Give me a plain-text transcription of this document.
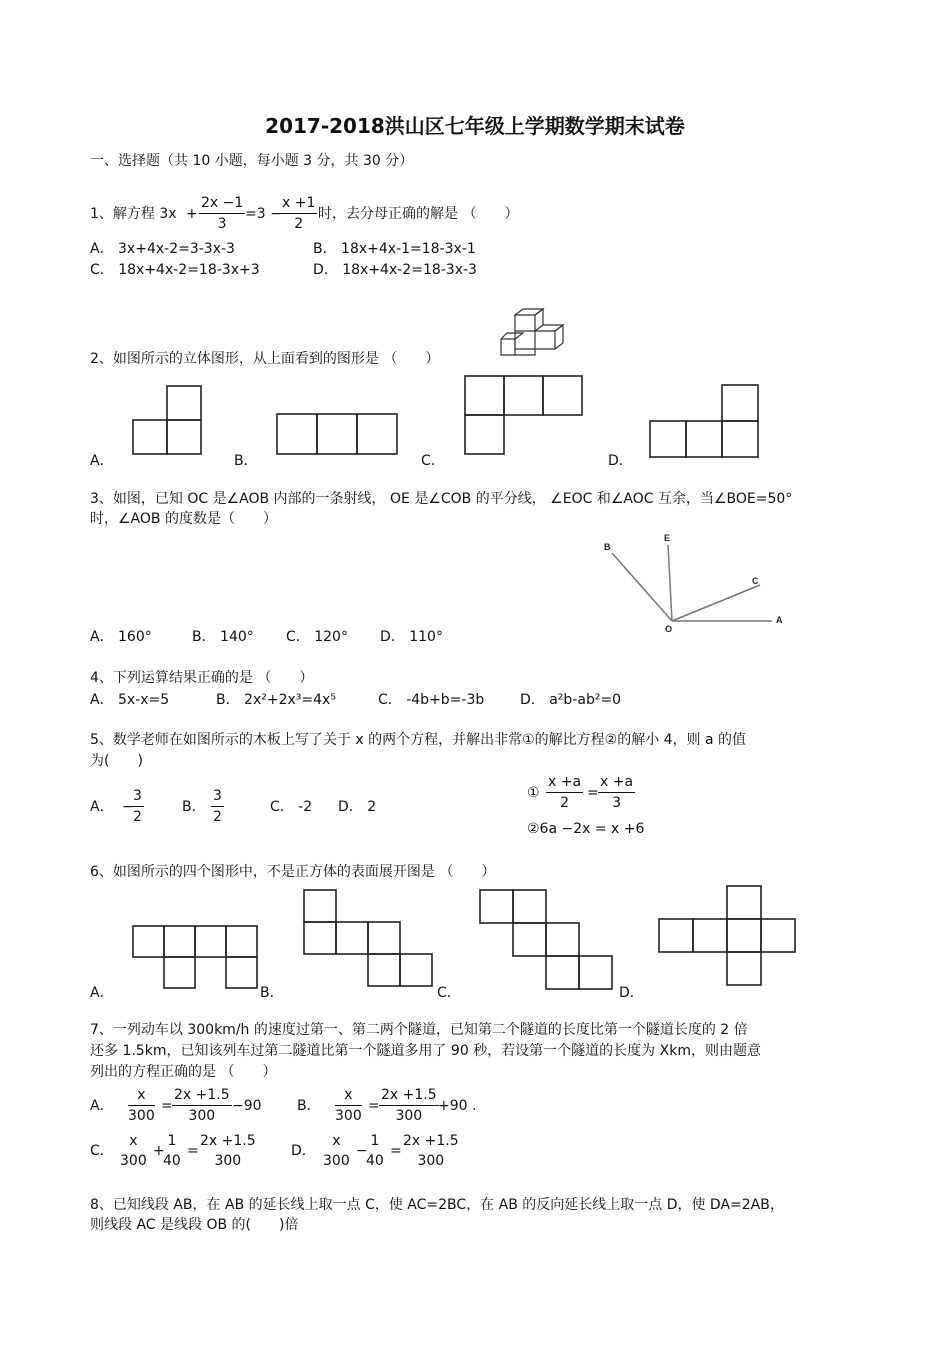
2017-2018洪山区七年级上学期数学期末试卷
一、选择题（共 10 小题，每小题 3 分，共 30 分）
1、解方程 $3x + \frac{2x -1}{3} =3$ −
$\frac{x +1}{2}$ 时，去分母正确的解是 （　　）
A． 3x+4x-2=3-3x-3	B． 18x+4x-1=18-3x-1
C． 18x+4x-2=18-3x+3	D． 18x+4x-2=18-3x-3
2、如图所示的立体图形，从上面看到的图形是 （　　）
A．	B．	C．	D．
3、如图，已知 OC 是∠AOB 内部的一条射线， OE 是∠COB 的平分线， ∠EOC 和∠AOC 互余，当∠BOE=50°
时，∠AOB 的度数是（　　）
B
E
C
A
O
A． 160°	B． 140° C． 120° D． 110°
4、下列运算结果正确的是 （　　）
A． 5x-x=5	B． 2x²+2x³=4x⁵	C． -4b+b=-3b	D． a²b-ab²=0
5、数学老师在如图所示的木板上写了关于 x 的两个方程，并解出非常①的解比方程②的解小 4，则 a 的值
为(　　)
A． −
$\frac{3}{2}$	B． $\frac{3}{2}$	C． -2 D． 2
① $\frac{x +a}{2} = \frac{x +a}{3}$
②6a −2x = x +6
6、如图所示的四个图形中，不是正方体的表面展开图是 （　　）
A．	B．	C．	D．
7、一列动车以 300km/h 的速度过第一、第二两个隧道，已知第二个隧道的长度比第一个隧道长度的 2 倍
还多 1.5km，已知该列车过第二隧道比第一个隧道多用了 90 秒，若设第一个隧道的长度为 Xkm，则由题意
列出的方程正确的是 （　　）
A． $\frac{x}{300} = \frac{2x +1.5}{300} -90$	B． $\frac{x}{300} = \frac{2x +1.5}{300} +90$ .
C．
x
300
+
1
40
=
2x +1.5
300
D．
x
300
−
1
40
=
2x +1.5
300
8、已知线段 AB，在 AB 的延长线上取一点 C，使 AC=2BC，在 AB 的反向延长线上取一点 D，使 DA=2AB，
则线段 AC 是线段 OB 的(　　)倍
